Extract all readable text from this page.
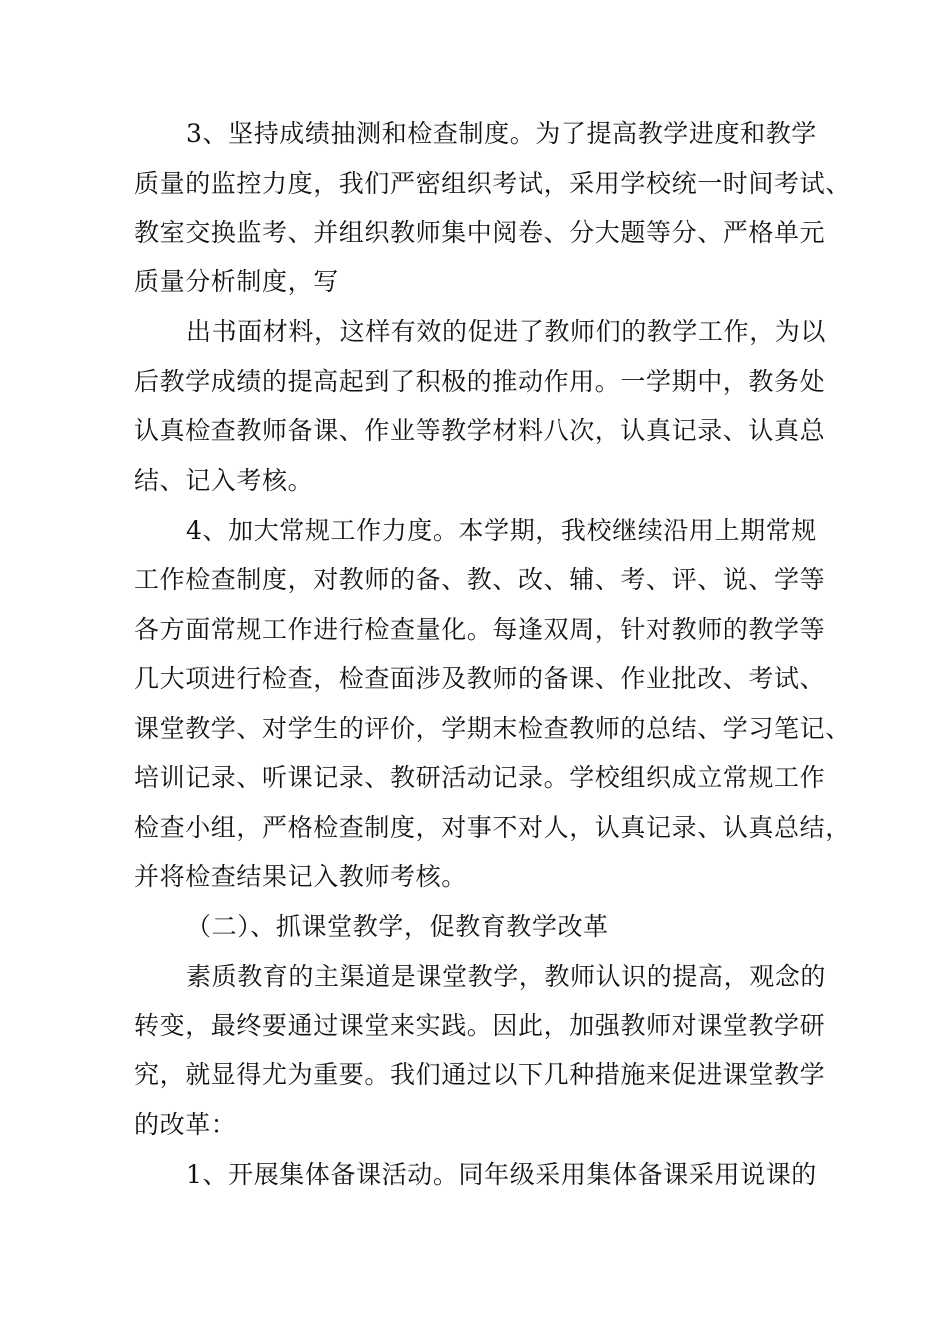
3、坚持成绩抽测和检查制度。为了提高教学进度和教学
质量的监控力度，我们严密组织考试，采用学校统一时间考试、
教室交换监考、并组织教师集中阅卷、分大题等分、严格单元
质量分析制度，写
出书面材料，这样有效的促进了教师们的教学工作，为以
后教学成绩的提高起到了积极的推动作用。一学期中，教务处
认真检查教师备课、作业等教学材料八次，认真记录、认真总
结、记入考核。
4、加大常规工作力度。本学期，我校继续沿用上期常规
工作检查制度，对教师的备、教、改、辅、考、评、说、学等
各方面常规工作进行检查量化。每逢双周，针对教师的教学等
几大项进行检查，检查面涉及教师的备课、作业批改、考试、
课堂教学、对学生的评价，学期末检查教师的总结、学习笔记、
培训记录、听课记录、教研活动记录。学校组织成立常规工作
检查小组，严格检查制度，对事不对人，认真记录、认真总结，
并将检查结果记入教师考核。
（二）、抓课堂教学，促教育教学改革
素质教育的主渠道是课堂教学，教师认识的提高，观念的
转变，最终要通过课堂来实践。因此，加强教师对课堂教学研
究，就显得尤为重要。我们通过以下几种措施来促进课堂教学
的改革：
1、开展集体备课活动。同年级采用集体备课采用说课的
